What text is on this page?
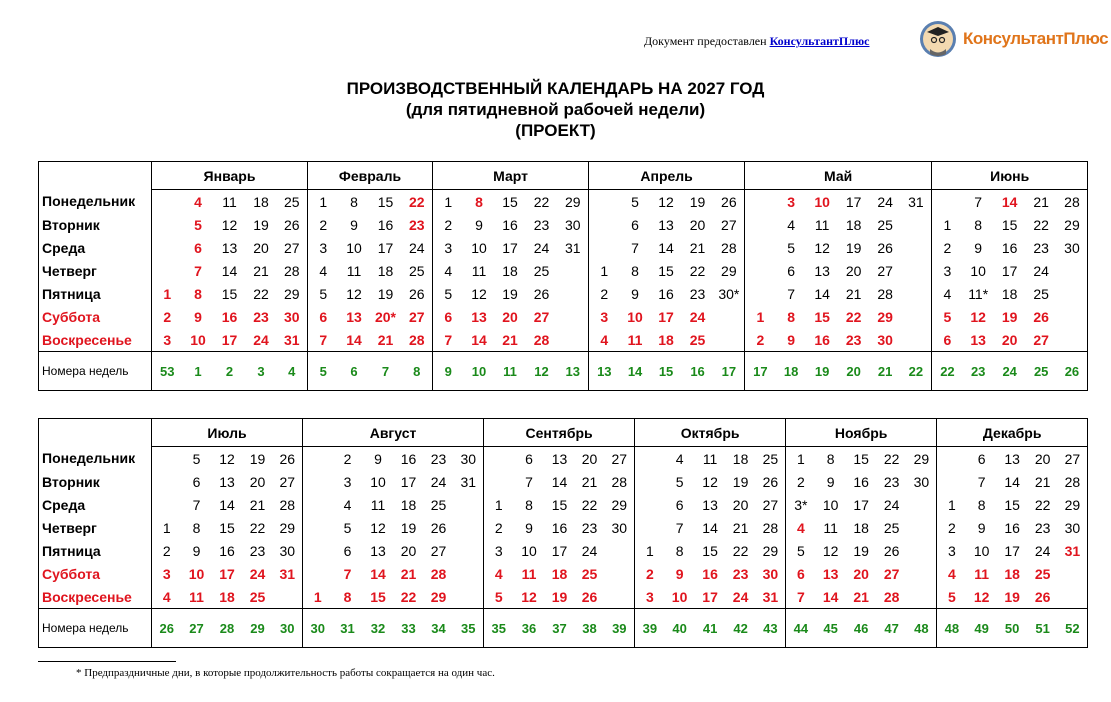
Документ предоставлен КонсультантПлюс	КонсультантПлюс
ПРОИЗВОДСТВЕННЫЙ КАЛЕНДАРЬ НА 2027 ГОД
(для пятидневной рабочей недели)
(ПРОЕКТ)
	Январь					Февраль				Март					Апрель					Май						Июнь				
Понедельник		4	11	18	25	1	8	15	22	1	8	15	22	29		5	12	19	26		3	10	17	24	31		7	14	21	28
Вторник		5	12	19	26	2	9	16	23	2	9	16	23	30		6	13	20	27		4	11	18	25		1	8	15	22	29
Среда		6	13	20	27	3	10	17	24	3	10	17	24	31		7	14	21	28		5	12	19	26		2	9	16	23	30
Четверг		7	14	21	28	4	11	18	25	4	11	18	25		1	8	15	22	29		6	13	20	27		3	10	17	24	
Пятница	1	8	15	22	29	5	12	19	26	5	12	19	26		2	9	16	23	30*		7	14	21	28		4	11*	18	25	
Суббота	2	9	16	23	30	6	13	20*	27	6	13	20	27		3	10	17	24		1	8	15	22	29		5	12	19	26	
Воскресенье	3	10	17	24	31	7	14	21	28	7	14	21	28		4	11	18	25		2	9	16	23	30		6	13	20	27	
Номера недель	53	1	2	3	4	5	6	7	8	9	10	11	12	13	13	14	15	16	17	17	18	19	20	21	22	22	23	24	25	26
	Июль					Август						Сентябрь					Октябрь					Ноябрь					Декабрь				
Понедельник		5	12	19	26		2	9	16	23	30		6	13	20	27		4	11	18	25	1	8	15	22	29		6	13	20	27
Вторник		6	13	20	27		3	10	17	24	31		7	14	21	28		5	12	19	26	2	9	16	23	30		7	14	21	28
Среда		7	14	21	28		4	11	18	25		1	8	15	22	29		6	13	20	27	3*	10	17	24		1	8	15	22	29
Четверг	1	8	15	22	29		5	12	19	26		2	9	16	23	30		7	14	21	28	4	11	18	25		2	9	16	23	30
Пятница	2	9	16	23	30		6	13	20	27		3	10	17	24		1	8	15	22	29	5	12	19	26		3	10	17	24	31
Суббота	3	10	17	24	31		7	14	21	28		4	11	18	25		2	9	16	23	30	6	13	20	27		4	11	18	25	
Воскресенье	4	11	18	25		1	8	15	22	29		5	12	19	26		3	10	17	24	31	7	14	21	28		5	12	19	26	
Номера недель	26	27	28	29	30	30	31	32	33	34	35	35	36	37	38	39	39	40	41	42	43	44	45	46	47	48	48	49	50	51	52
* Предпраздничные дни, в которые продолжительность работы сокращается на один час.
